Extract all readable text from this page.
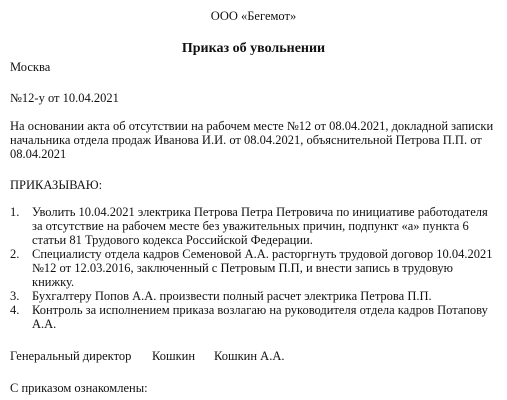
ООО «Бегемот»
Приказ об увольнении
Москва
№12-у от 10.04.2021
На основании акта об отсутствии на рабочем месте №12 от 08.04.2021, докладной записки
начальника отдела продаж Иванова И.И. от 08.04.2021, объяснительной Петрова П.П. от
08.04.2021
ПРИКАЗЫВАЮ:
1. Уволить 10.04.2021 электрика Петрова Петра Петровича по инициативе работодателя
за отсутствие на рабочем месте без уважительных причин, подпункт «а» пункта 6
статьи 81 Трудового кодекса Российской Федерации.
2. Специалисту отдела кадров Семеновой А.А. расторгнуть трудовой договор 10.04.2021
№12 от 12.03.2016, заключенный с Петровым П.П, и внести запись в трудовую
книжку.
3. Бухгалтеру Попов А.А. произвести полный расчет электрика Петрова П.П.
4. Контроль за исполнением приказа возлагаю на руководителя отдела кадров Потапову
А.А.
Генеральный директор Кошкин Кошкин А.А.
С приказом ознакомлены:
